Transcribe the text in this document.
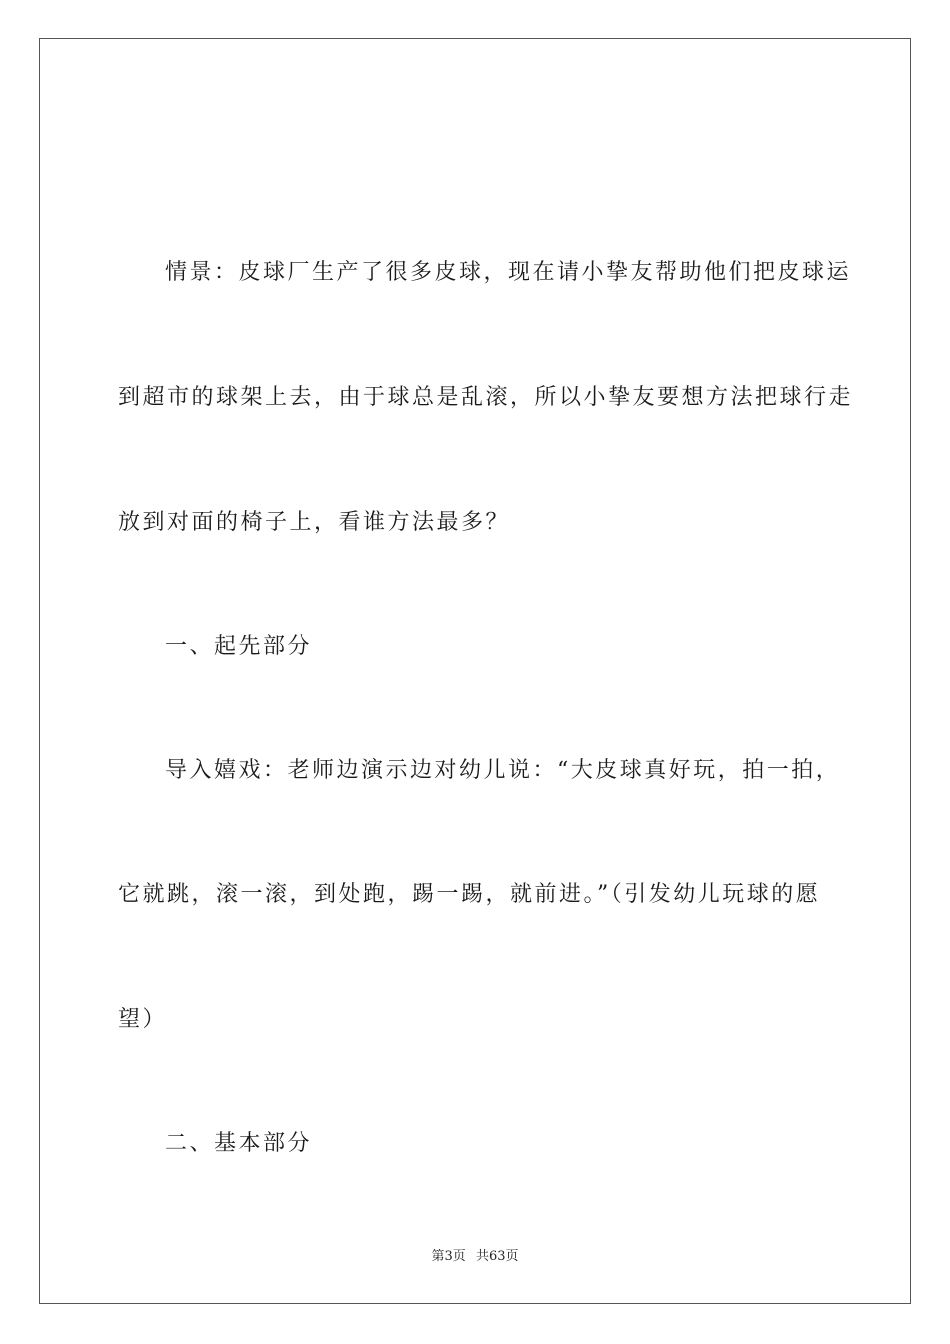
情景：皮球厂生产了很多皮球，现在请小挚友帮助他们把皮球运
到超市的球架上去，由于球总是乱滚，所以小挚友要想方法把球行走
放到对面的椅子上，看谁方法最多？
一、起先部分
导入嬉戏：老师边演示边对幼儿说：“大皮球真好玩，拍一拍，
它就跳，滚一滚，到处跑，踢一踢，就前进。”（引发幼儿玩球的愿
望）
二、基本部分
第3页 共63页
